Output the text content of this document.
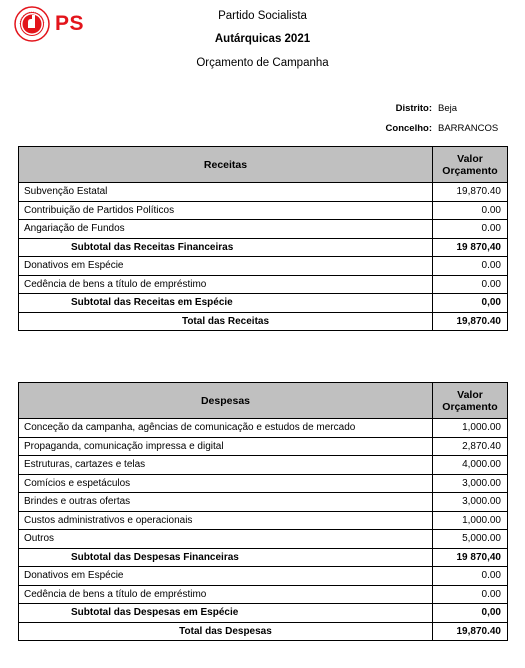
PS	Partido Socialista
Autárquicas 2021
Orçamento de Campanha
Distrito: Beja
Concelho: BARRANCOS
Receitas	Valor Orçamento
Subvenção Estatal	19,870.40
Contribuição de Partidos Políticos	0.00
Angariação de Fundos	0.00
Subtotal das Receitas Financeiras	19 870,40
Donativos em Espécie	0.00
Cedência de bens a título de empréstimo	0.00
Subtotal das Receitas em Espécie	0,00
Total das Receitas	19,870.40
Despesas	Valor Orçamento
Conceção da campanha, agências de comunicação e estudos de mercado	1,000.00
Propaganda, comunicação impressa e digital	2,870.40
Estruturas, cartazes e telas	4,000.00
Comícios e espetáculos	3,000.00
Brindes e outras ofertas	3,000.00
Custos administrativos e operacionais	1,000.00
Outros	5,000.00
Subtotal das Despesas Financeiras	19 870,40
Donativos em Espécie	0.00
Cedência de bens a título de empréstimo	0.00
Subtotal das Despesas em Espécie	0,00
Total das Despesas	19,870.40
